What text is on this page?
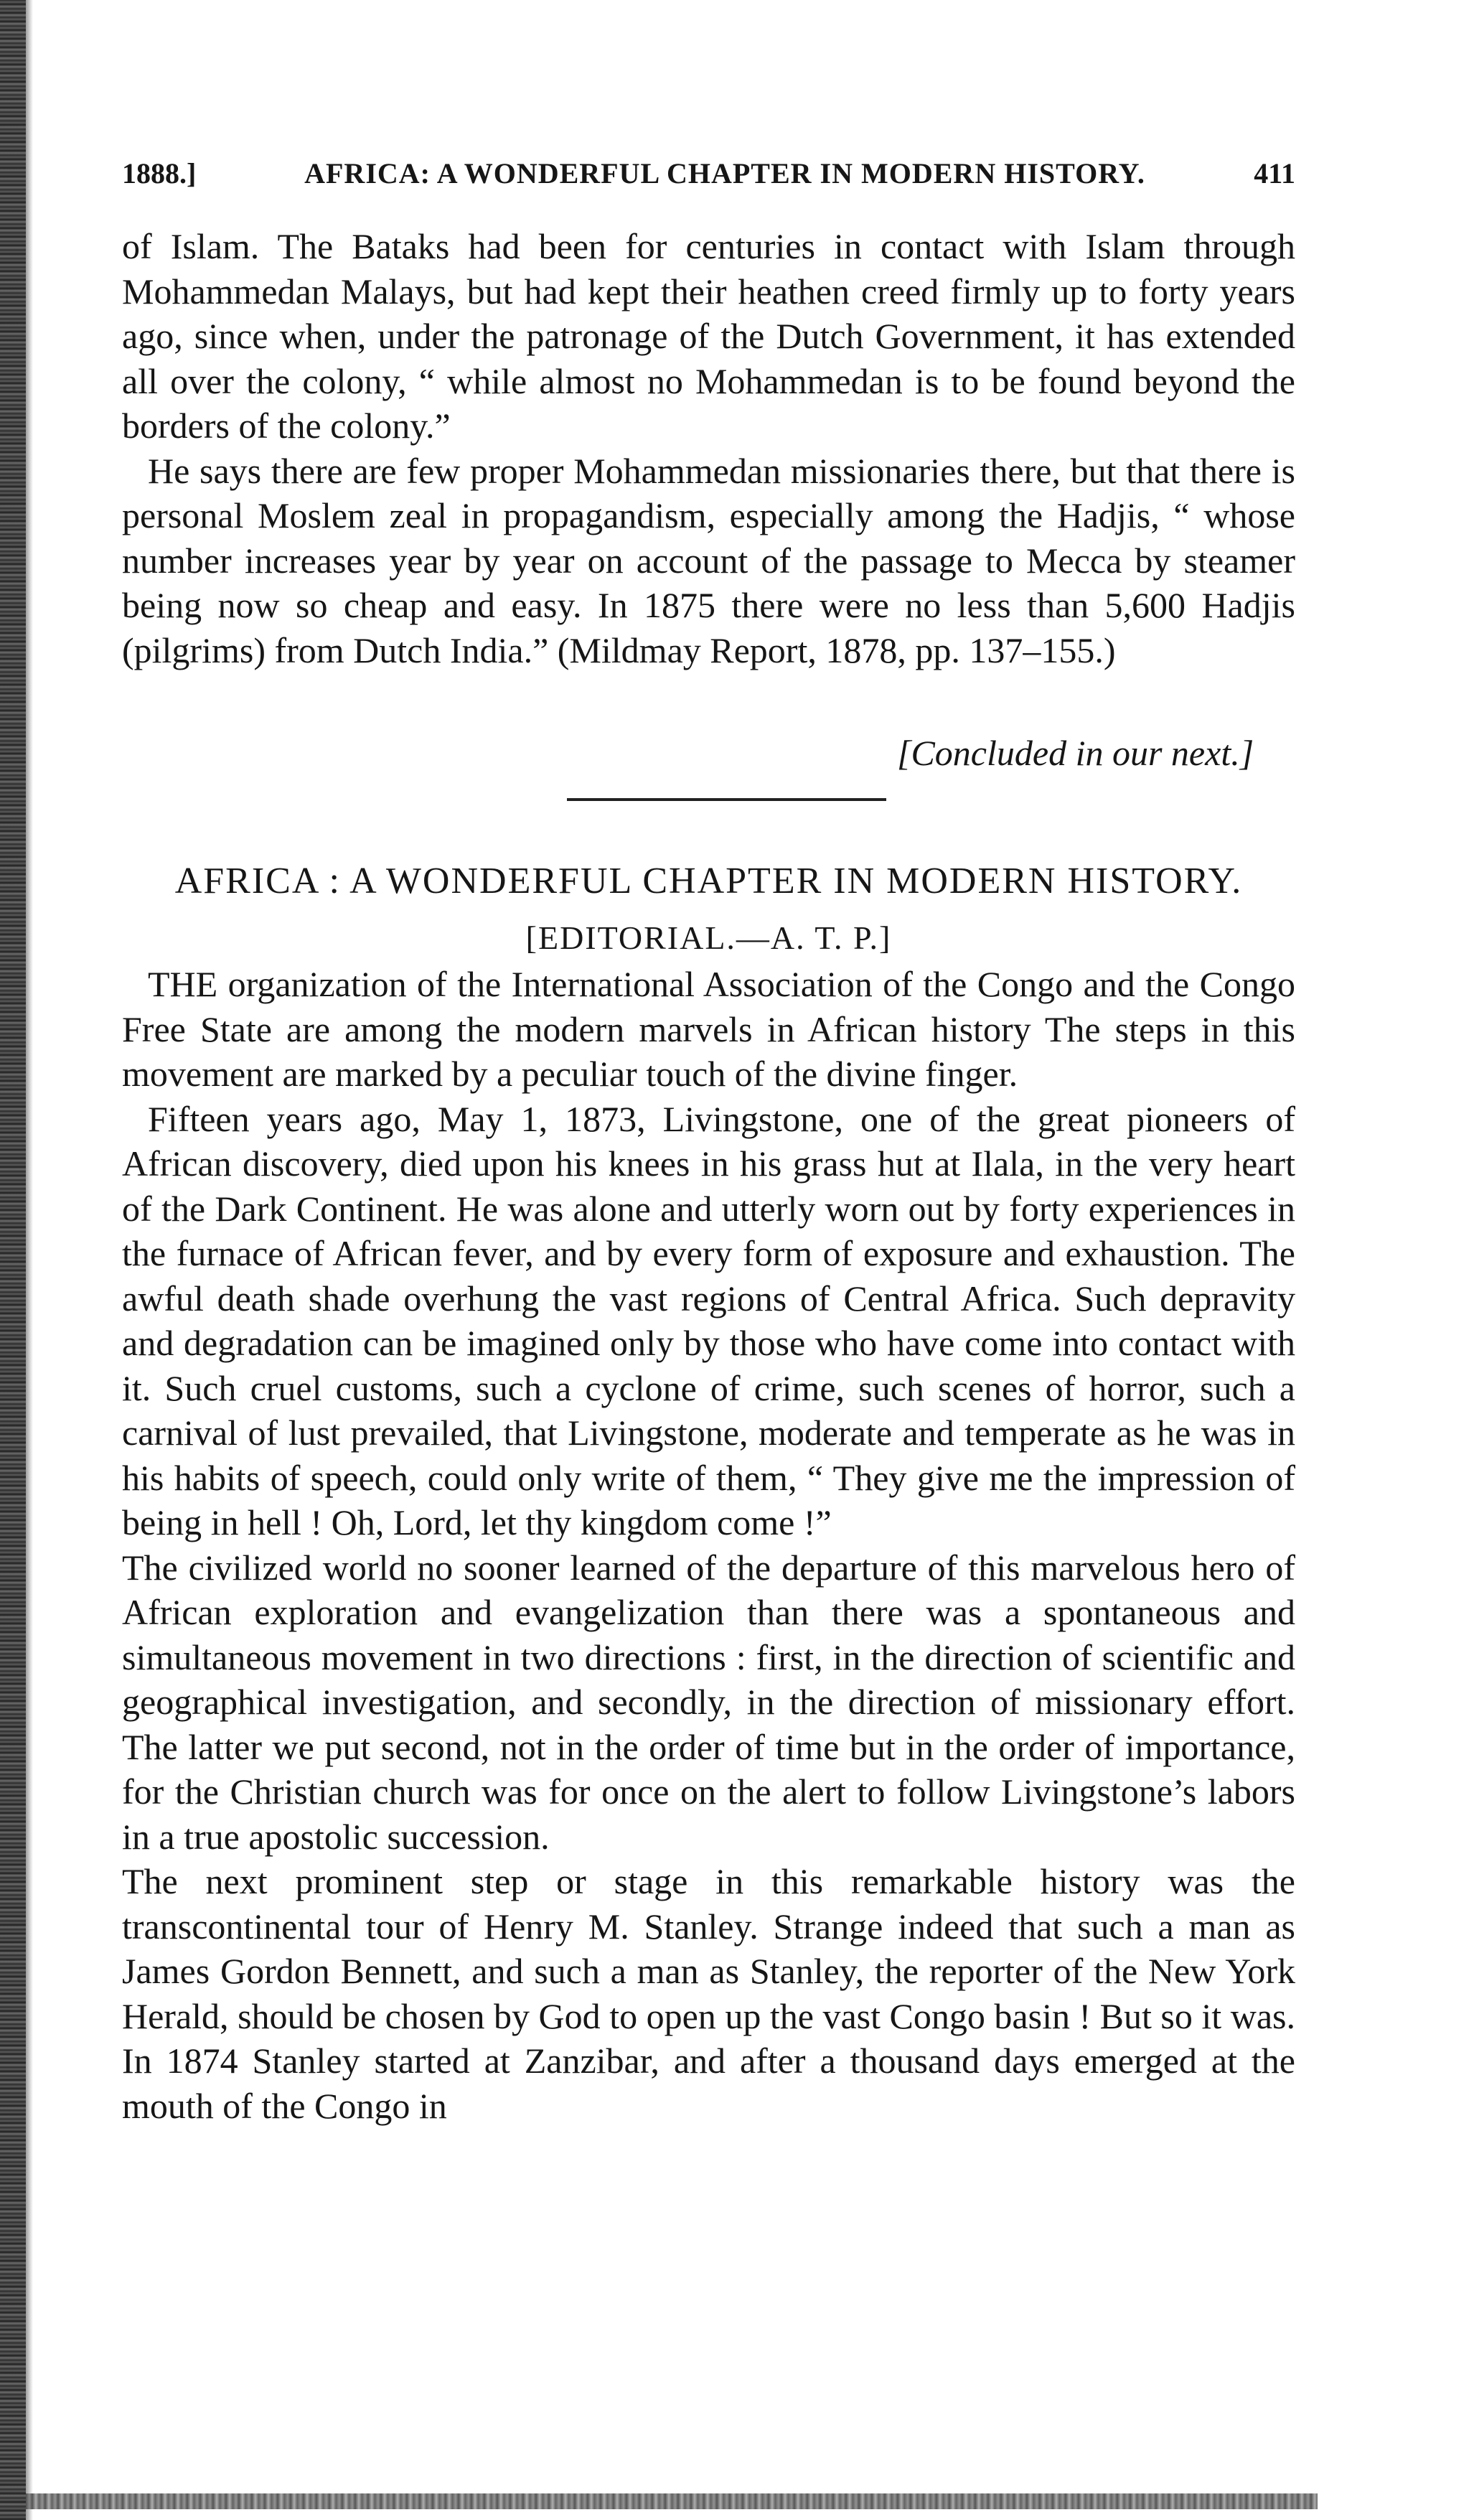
1888.]	AFRICA: A WONDERFUL CHAPTER IN MODERN HISTORY.	411

of Islam. The Bataks had been for centuries in contact with Islam through Mohammedan Malays, but had kept their heathen creed firmly up to forty years ago, since when, under the patronage of the Dutch Government, it has extended all over the colony, “ while almost no Mohammedan is to be found beyond the borders of the colony.”

He says there are few proper Mohammedan missionaries there, but that there is personal Moslem zeal in propagandism, especially among the Hadjis, “ whose number increases year by year on account of the passage to Mecca by steamer being now so cheap and easy. In 1875 there were no less than 5,600 Hadjis (pilgrims) from Dutch India.” (Mildmay Report, 1878, pp. 137–155.)

[Concluded in our next.]
AFRICA : A WONDERFUL CHAPTER IN MODERN HISTORY.
[EDITORIAL.—A. T. P.]

THE organization of the International Association of the Congo and the Congo Free State are among the modern marvels in African history The steps in this movement are marked by a peculiar touch of the divine finger.

Fifteen years ago, May 1, 1873, Livingstone, one of the great pioneers of African discovery, died upon his knees in his grass hut at Ilala, in the very heart of the Dark Continent. He was alone and utterly worn out by forty experiences in the furnace of African fever, and by every form of exposure and exhaustion. The awful death shade overhung the vast regions of Central Africa. Such depravity and degradation can be imagined only by those who have come into contact with it. Such cruel customs, such a cyclone of crime, such scenes of horror, such a carnival of lust prevailed, that Livingstone, moderate and temperate as he was in his habits of speech, could only write of them, “ They give me the impression of being in hell ! Oh, Lord, let thy kingdom come !”

The civilized world no sooner learned of the departure of this marvelous hero of African exploration and evangelization than there was a spontaneous and simultaneous movement in two directions : first, in the direction of scientific and geographical investigation, and secondly, in the direction of missionary effort. The latter we put second, not in the order of time but in the order of importance, for the Christian church was for once on the alert to follow Livingstone’s labors in a true apostolic succession.

The next prominent step or stage in this remarkable history was the transcontinental tour of Henry M. Stanley. Strange indeed that such a man as James Gordon Bennett, and such a man as Stanley, the reporter of the New York Herald, should be chosen by God to open up the vast Congo basin ! But so it was. In 1874 Stanley started at Zanzibar, and after a thousand days emerged at the mouth of the Congo in
